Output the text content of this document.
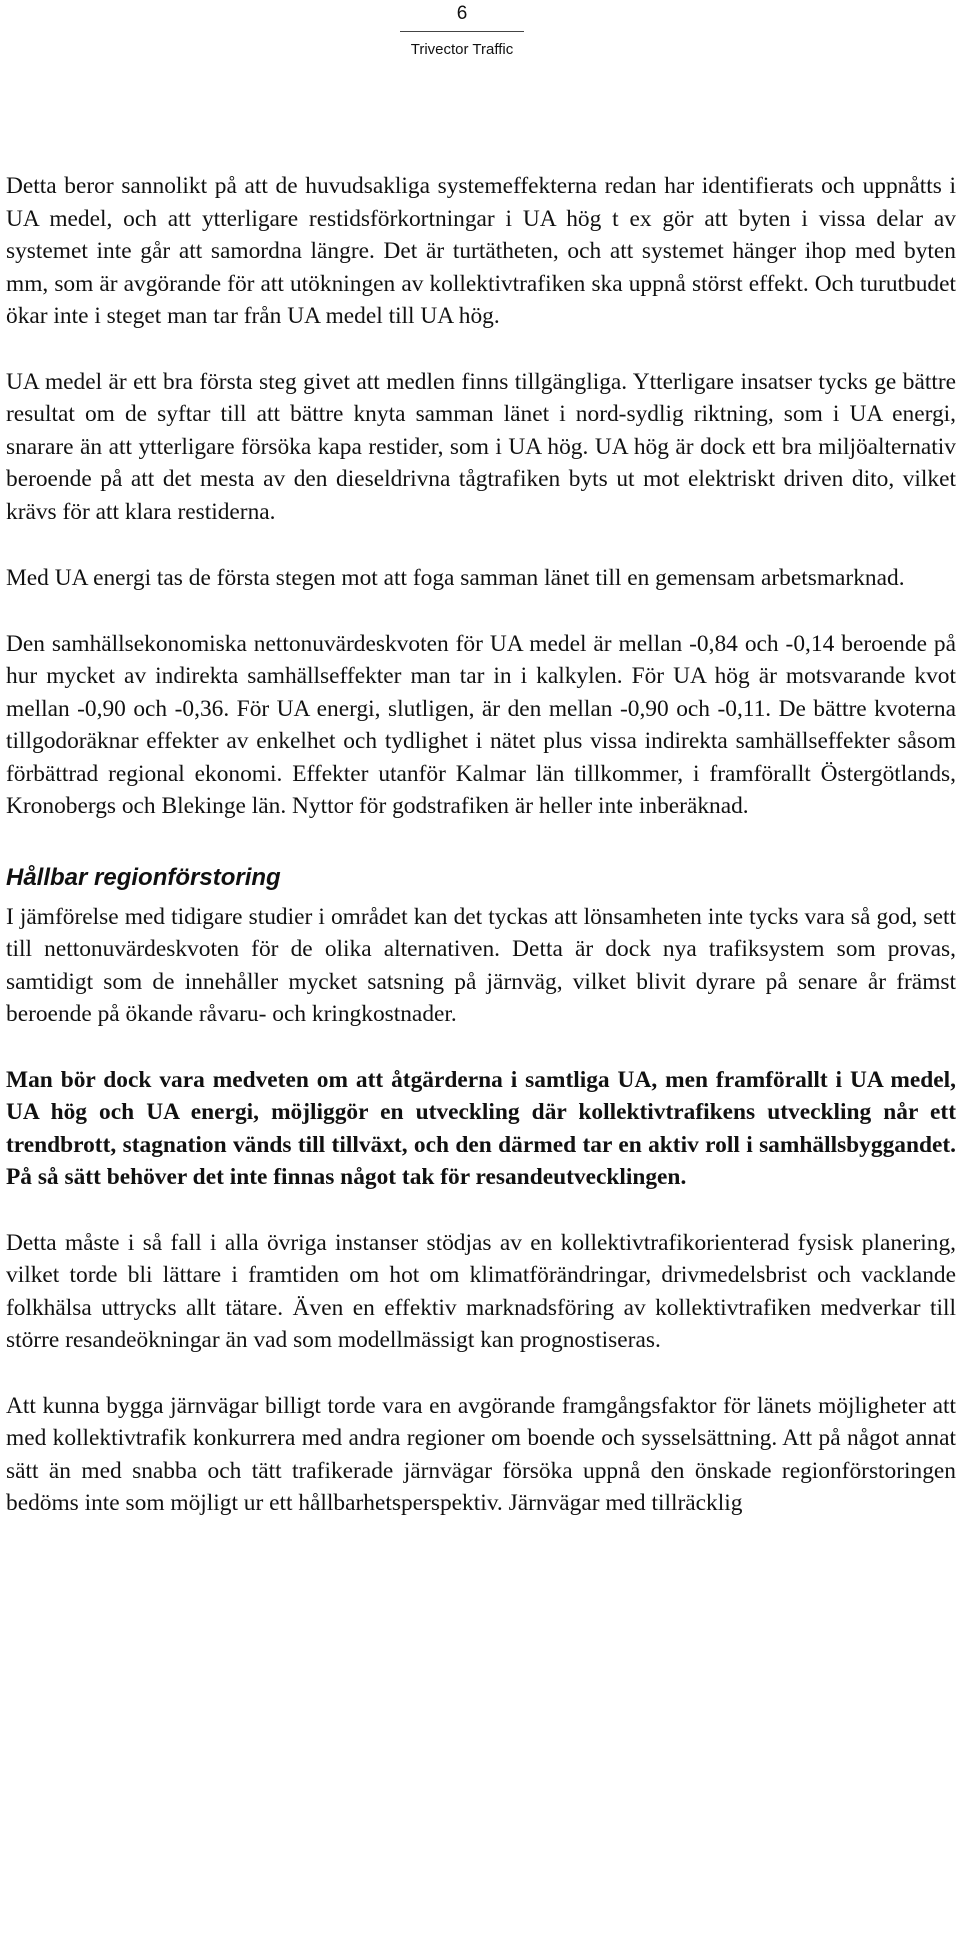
6
Trivector Traffic

Detta beror sannolikt på att de huvudsakliga systemeffekterna redan har identifierats och uppnåtts i UA medel, och att ytterligare restidsförkortningar i UA hög t ex gör att byten i vissa delar av systemet inte går att samordna längre. Det är turtätheten, och att systemet hänger ihop med byten mm, som är avgörande för att utökningen av kollektivtrafiken ska uppnå störst effekt. Och turutbudet ökar inte i steget man tar från UA medel till UA hög.

UA medel är ett bra första steg givet att medlen finns tillgängliga. Ytterligare insatser tycks ge bättre resultat om de syftar till att bättre knyta samman länet i nord-sydlig riktning, som i UA energi, snarare än att ytterligare försöka kapa restider, som i UA hög. UA hög är dock ett bra miljöalternativ beroende på att det mesta av den dieseldrivna tågtrafiken byts ut mot elektriskt driven dito, vilket krävs för att klara restiderna.

Med UA energi tas de första stegen mot att foga samman länet till en gemensam arbetsmarknad.

Den samhällsekonomiska nettonuvärdeskvoten för UA medel är mellan -0,84 och -0,14 beroende på hur mycket av indirekta samhällseffekter man tar in i kalkylen. För UA hög är motsvarande kvot mellan -0,90 och -0,36. För UA energi, slutligen, är den mellan -0,90 och -0,11. De bättre kvoterna tillgodoräknar effekter av enkelhet och tydlighet i nätet plus vissa indirekta samhällseffekter såsom förbättrad regional ekonomi. Effekter utanför Kalmar län tillkommer, i framförallt Östergötlands, Kronobergs och Blekinge län. Nyttor för godstrafiken är heller inte inberäknad.

Hållbar regionförstoring

I jämförelse med tidigare studier i området kan det tyckas att lönsamheten inte tycks vara så god, sett till nettonuvärdeskvoten för de olika alternativen. Detta är dock nya trafiksystem som provas, samtidigt som de innehåller mycket satsning på järnväg, vilket blivit dyrare på senare år främst beroende på ökande råvaru- och kringkostnader.

Man bör dock vara medveten om att åtgärderna i samtliga UA, men framförallt i UA medel, UA hög och UA energi, möjliggör en utveckling där kollektivtrafikens utveckling når ett trendbrott, stagnation vänds till tillväxt, och den därmed tar en aktiv roll i samhällsbyggandet. På så sätt behöver det inte finnas något tak för resandeutvecklingen.

Detta måste i så fall i alla övriga instanser stödjas av en kollektivtrafikorienterad fysisk planering, vilket torde bli lättare i framtiden om hot om klimatförändringar, drivmedelsbrist och vacklande folkhälsa uttrycks allt tätare. Även en effektiv marknadsföring av kollektivtrafiken medverkar till större resandeökningar än vad som modellmässigt kan prognostiseras.

Att kunna bygga järnvägar billigt torde vara en avgörande framgångsfaktor för länets möjligheter att med kollektivtrafik konkurrera med andra regioner om boende och sysselsättning. Att på något annat sätt än med snabba och tätt trafikerade järnvägar försöka uppnå den önskade regionförstoringen bedöms inte som möjligt ur ett hållbarhetsperspektiv. Järnvägar med tillräcklig
